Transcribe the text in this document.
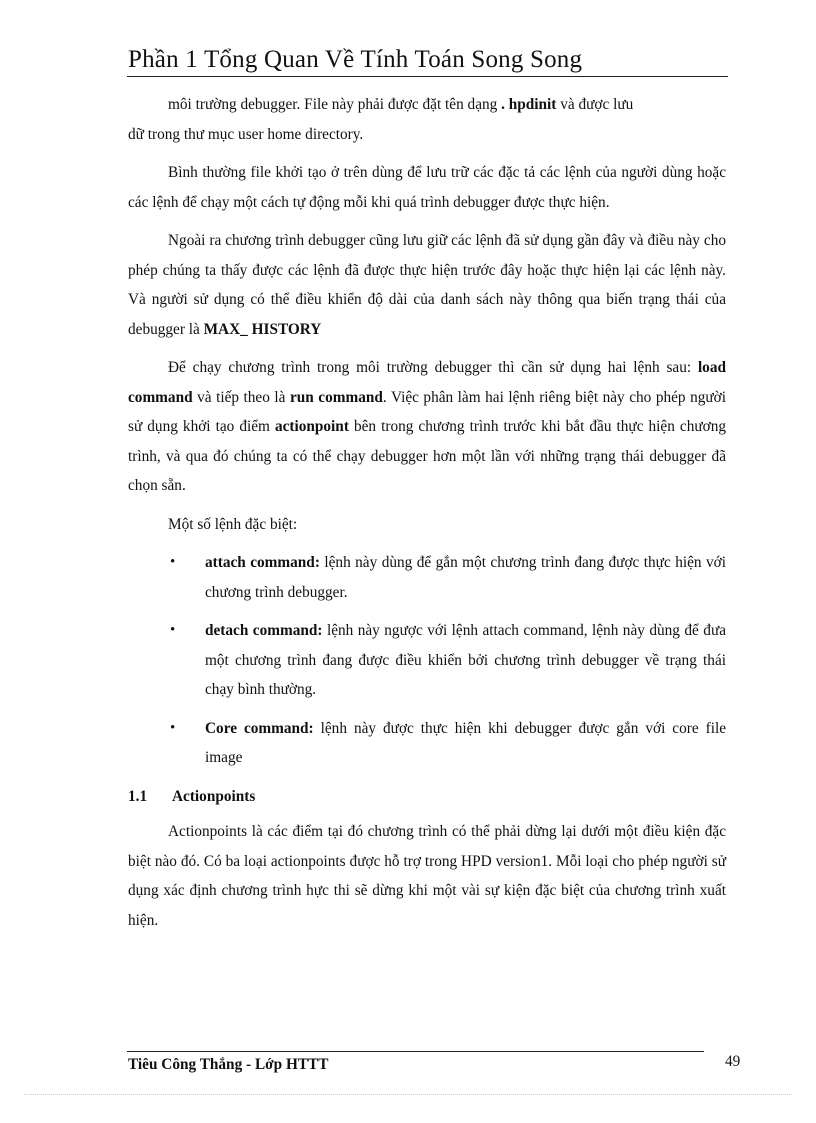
Phần 1 Tổng Quan Về Tính Toán Song Song

môi trường debugger. File này phải được đặt tên dạng . hpdinit và được lưu
dữ trong thư mục user home directory.

Bình thường file khởi tạo ở trên dùng để lưu trữ các đặc tả các lệnh của người dùng hoặc các lệnh để chạy một cách tự động mỗi khi quá trình debugger được thực hiện.

Ngoài ra chương trình debugger cũng lưu giữ các lệnh đã sử dụng gần đây và điều này cho phép chúng ta thấy được các lệnh đã được thực hiện trước đây hoặc thực hiện lại các lệnh này. Và người sử dụng có thể điều khiển độ dài của danh sách này thông qua biến trạng thái của debugger là MAX_ HISTORY

Để chạy chương trình trong môi trường debugger thì cần sử dụng hai lệnh sau: load command và tiếp theo là run command. Việc phân làm hai lệnh riêng biệt này cho phép người sử dụng khởi tạo điểm actionpoint bên trong chương trình trước khi bắt đầu thực hiện chương trình, và qua đó chúng ta có thể chạy debugger hơn một lần với những trạng thái debugger đã chọn sẵn.

Một số lệnh đặc biệt:

• attach command: lệnh này dùng để gắn một chương trình đang được thực hiện với chương trình debugger.
• detach command: lệnh này ngược với lệnh attach command, lệnh này dùng để đưa một chương trình đang được điều khiển bởi chương trình debugger về trạng thái chạy bình thường.
• Core command: lệnh này được thực hiện khi debugger được gắn với core file image
1.1 Actionpoints

Actionpoints là các điểm tại đó chương trình có thể phải dừng lại dưới một điều kiện đặc biệt nào đó. Có ba loại actionpoints được hỗ trợ trong HPD version1. Mỗi loại cho phép người sử dụng xác định chương trình hực thi sẽ dừng khi một vài sự kiện đặc biệt của chương trình xuất hiện.

Tiêu Công Thắng - Lớp HTTT	49
